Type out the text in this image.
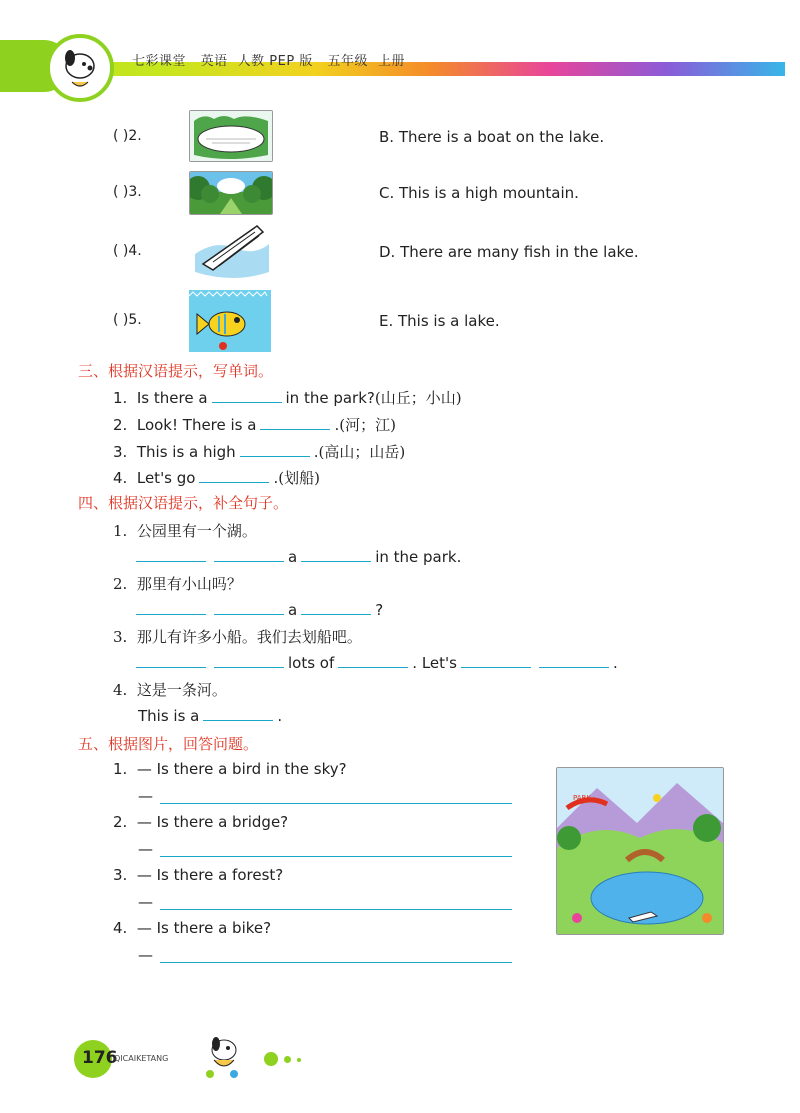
七彩课堂 英语 人教 PEP 版 五年级 上册
( )2.	B. There is a boat on the lake.
( )3.	C. This is a high mountain.
( )4.	D. There are many fish in the lake.
( )5.	E. This is a lake.
三、根据汉语提示，写单词。
1. Is there a	in the park?(山丘；小山)
2. Look! There is a	.(河；江)
3. This is a high	.(高山；山岳)
4. Let's go	.(划船)
四、根据汉语提示，补全句子。
1. 公园里有一个湖。
a	in the park.
2. 那里有小山吗？
a	?
3. 那儿有许多小船。我们去划船吧。
lots of	. Let's	.
4. 这是一条河。
This is a	.
五、根据图片，回答问题。
1. — Is there a bird in the sky?
—
2. — Is there a bridge?
—
3. — Is there a forest?
—
4. — Is there a bike?
—
PARK
176
QICAIKETANG
